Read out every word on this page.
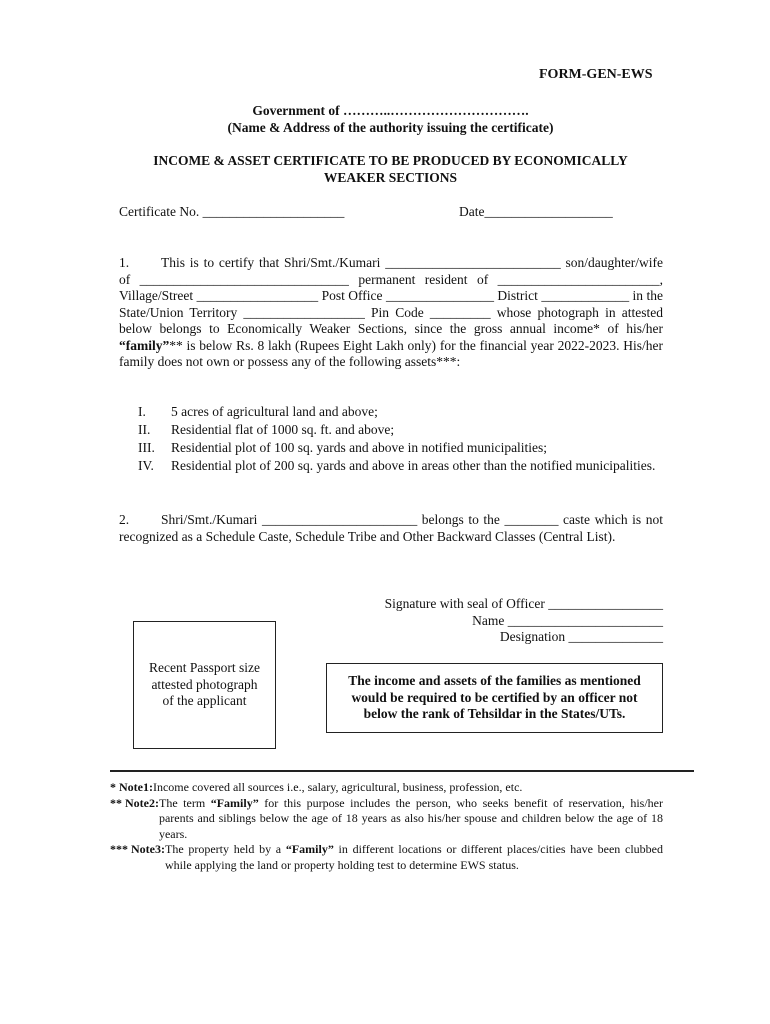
FORM-GEN-EWS
Government of ………..………………………….
(Name & Address of the authority issuing the certificate)
INCOME & ASSET CERTIFICATE TO BE PRODUCED BY ECONOMICALLY
WEAKER SECTIONS
Certificate No. _____________________	Date___________________
1. This is to certify that Shri/Smt./Kumari __________________________ son/daughter/wife of _______________________________ permanent resident of ________________________, Village/Street __________________ Post Office ________________ District _____________ in the State/Union Territory __________________ Pin Code _________ whose photograph in attested below belongs to Economically Weaker Sections, since the gross annual income* of his/her “family”** is below Rs. 8 lakh (Rupees Eight Lakh only) for the financial year 2022-2023. His/her family does not own or possess any of the following assets***:
I.	5 acres of agricultural land and above;
II.	Residential flat of 1000 sq. ft. and above;
III.	Residential plot of 100 sq. yards and above in notified municipalities;
IV.	Residential plot of 200 sq. yards and above in areas other than the notified municipalities.
2. Shri/Smt./Kumari _______________________ belongs to the ________ caste which is not recognized as a Schedule Caste, Schedule Tribe and Other Backward Classes (Central List).
Signature with seal of Officer _________________
Name _______________________
Designation ______________
Recent Passport size attested photograph of the applicant
The income and assets of the families as mentioned would be required to be certified by an officer not below the rank of Tehsildar in the States/UTs.
* Note1: Income covered all sources i.e., salary, agricultural, business, profession, etc.
** Note2: The term “Family” for this purpose includes the person, who seeks benefit of reservation, his/her parents and siblings below the age of 18 years as also his/her spouse and children below the age of 18 years.
*** Note3: The property held by a “Family” in different locations or different places/cities have been clubbed while applying the land or property holding test to determine EWS status.
